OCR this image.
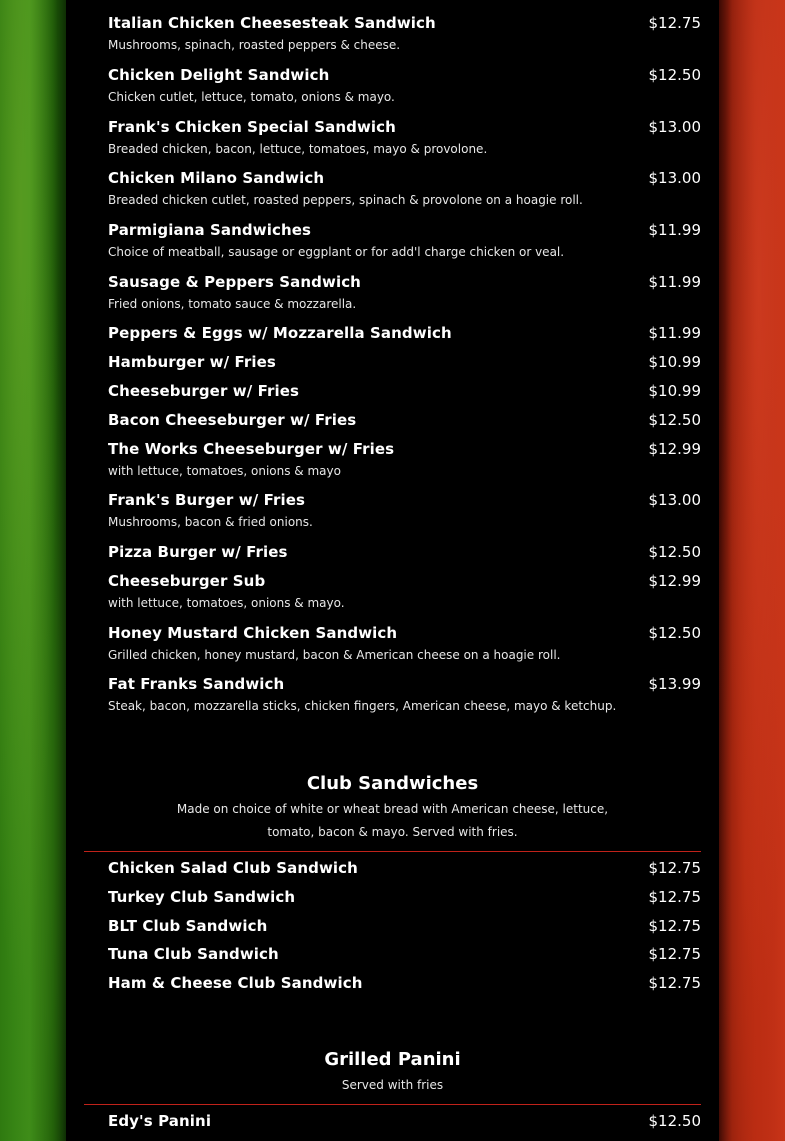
Italian Chicken Cheesesteak Sandwich	$12.75
Mushrooms, spinach, roasted peppers & cheese.
Chicken Delight Sandwich	$12.50
Chicken cutlet, lettuce, tomato, onions & mayo.
Frank's Chicken Special Sandwich	$13.00
Breaded chicken, bacon, lettuce, tomatoes, mayo & provolone.
Chicken Milano Sandwich	$13.00
Breaded chicken cutlet, roasted peppers, spinach & provolone on a hoagie roll.
Parmigiana Sandwiches	$11.99
Choice of meatball, sausage or eggplant or for add'l charge chicken or veal.
Sausage & Peppers Sandwich	$11.99
Fried onions, tomato sauce & mozzarella.
Peppers & Eggs w/ Mozzarella Sandwich	$11.99
Hamburger w/ Fries	$10.99
Cheeseburger w/ Fries	$10.99
Bacon Cheeseburger w/ Fries	$12.50
The Works Cheeseburger w/ Fries	$12.99
with lettuce, tomatoes, onions & mayo
Frank's Burger w/ Fries	$13.00
Mushrooms, bacon & fried onions.
Pizza Burger w/ Fries	$12.50
Cheeseburger Sub	$12.99
with lettuce, tomatoes, onions & mayo.
Honey Mustard Chicken Sandwich	$12.50
Grilled chicken, honey mustard, bacon & American cheese on a hoagie roll.
Fat Franks Sandwich	$13.99
Steak, bacon, mozzarella sticks, chicken fingers, American cheese, mayo & ketchup.
Club Sandwiches
Made on choice of white or wheat bread with American cheese, lettuce,
tomato, bacon & mayo. Served with fries.
Chicken Salad Club Sandwich	$12.75
Turkey Club Sandwich	$12.75
BLT Club Sandwich	$12.75
Tuna Club Sandwich	$12.75
Ham & Cheese Club Sandwich	$12.75
Grilled Panini
Served with fries
Edy's Panini	$12.50
